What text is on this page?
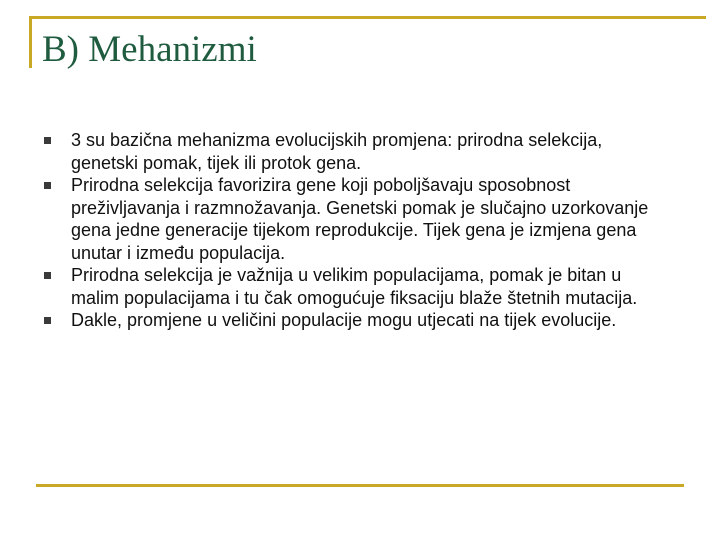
B) Mehanizmi
3 su bazična mehanizma evolucijskih promjena: prirodna selekcija, genetski pomak, tijek ili protok gena.
Prirodna selekcija favorizira gene koji poboljšavaju sposobnost preživljavanja i razmnožavanja. Genetski pomak je slučajno uzorkovanje gena jedne generacije tijekom reprodukcije. Tijek gena je izmjena gena unutar i između populacija.
Prirodna selekcija je važnija u velikim populacijama, pomak je bitan u malim populacijama i tu čak omogućuje fiksaciju blaže štetnih mutacija.
Dakle, promjene u veličini populacije mogu utjecati na tijek evolucije.
